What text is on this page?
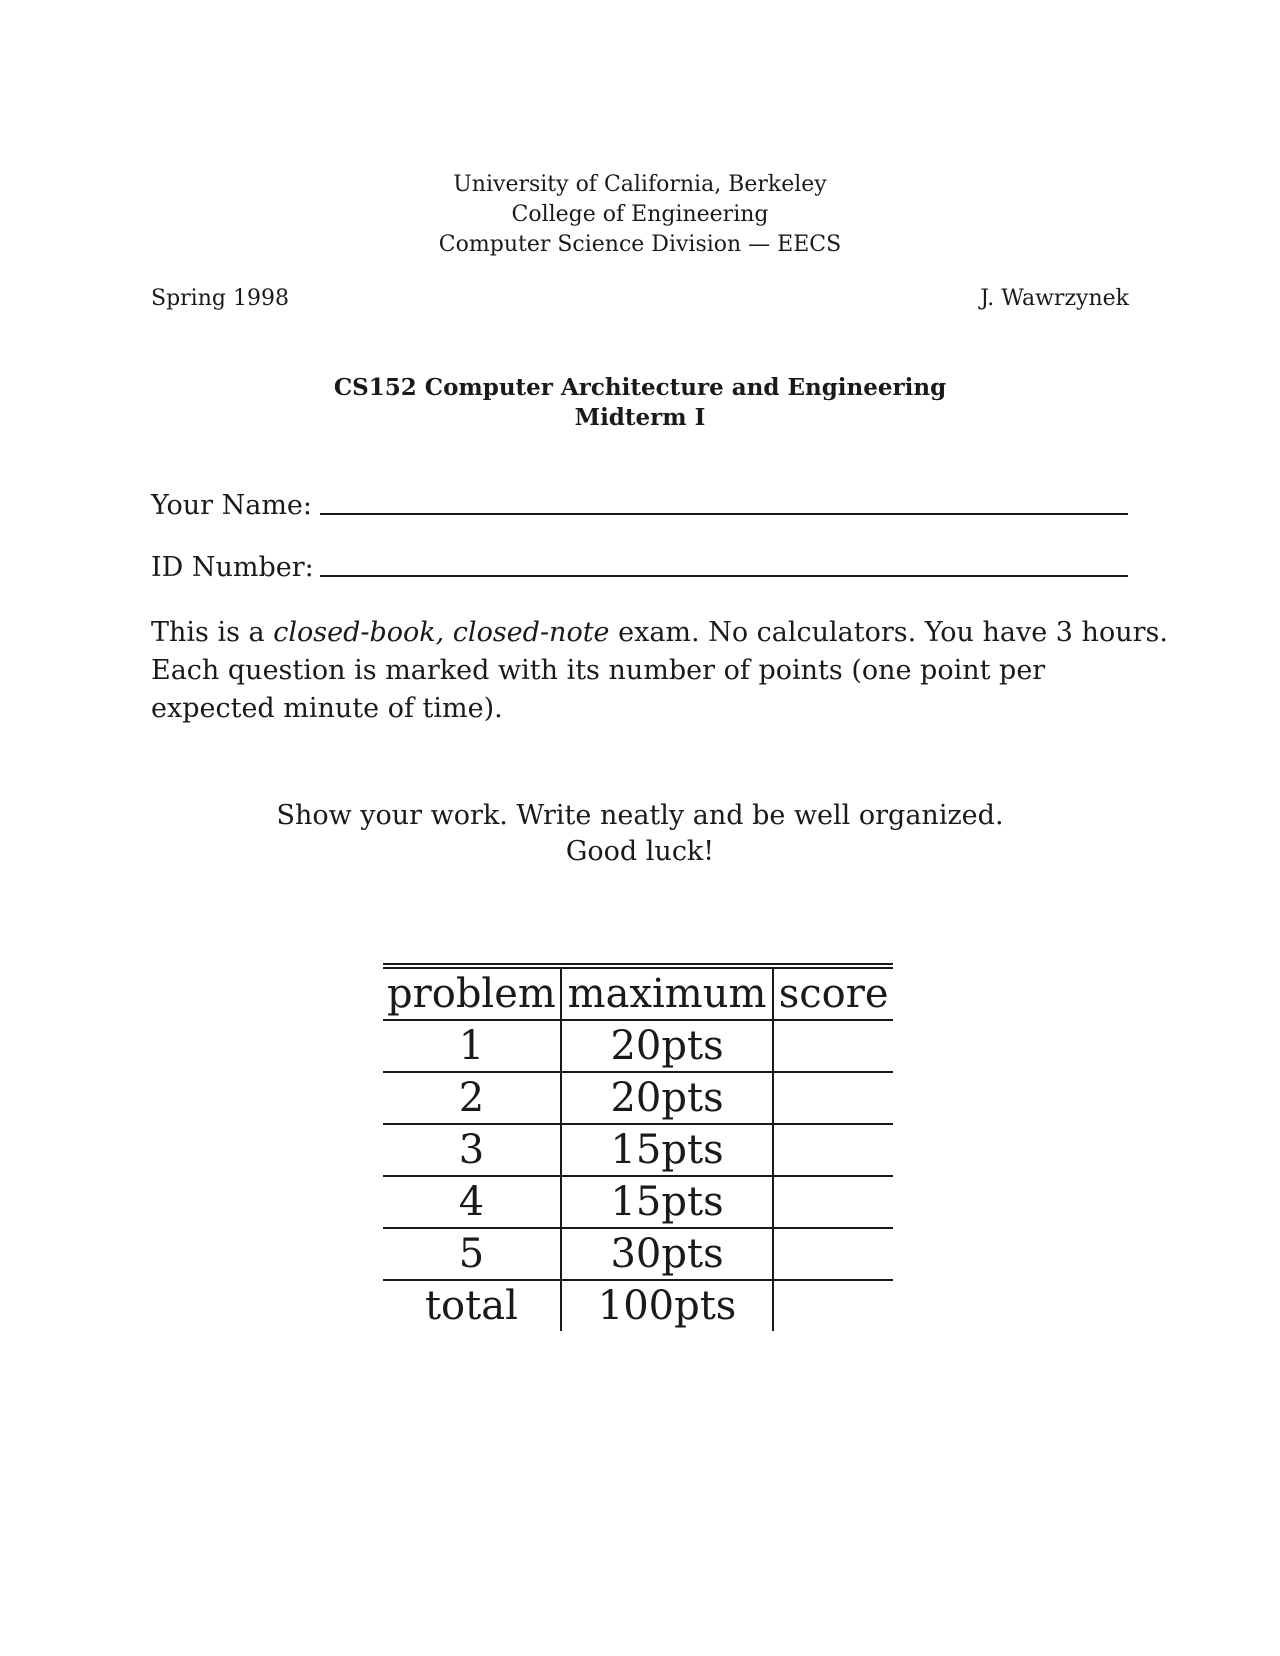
University of California, Berkeley
College of Engineering
Computer Science Division — EECS
Spring 1998	J. Wawrzynek
CS152 Computer Architecture and Engineering
Midterm I
Your Name:
ID Number:
This is a closed-book, closed-note exam. No calculators. You have 3 hours.
Each question is marked with its number of points (one point per
expected minute of time).
Show your work. Write neatly and be well organized.
Good luck!
problem	maximum	score
1	20pts	
2	20pts	
3	15pts	
4	15pts	
5	30pts	
total	100pts	
